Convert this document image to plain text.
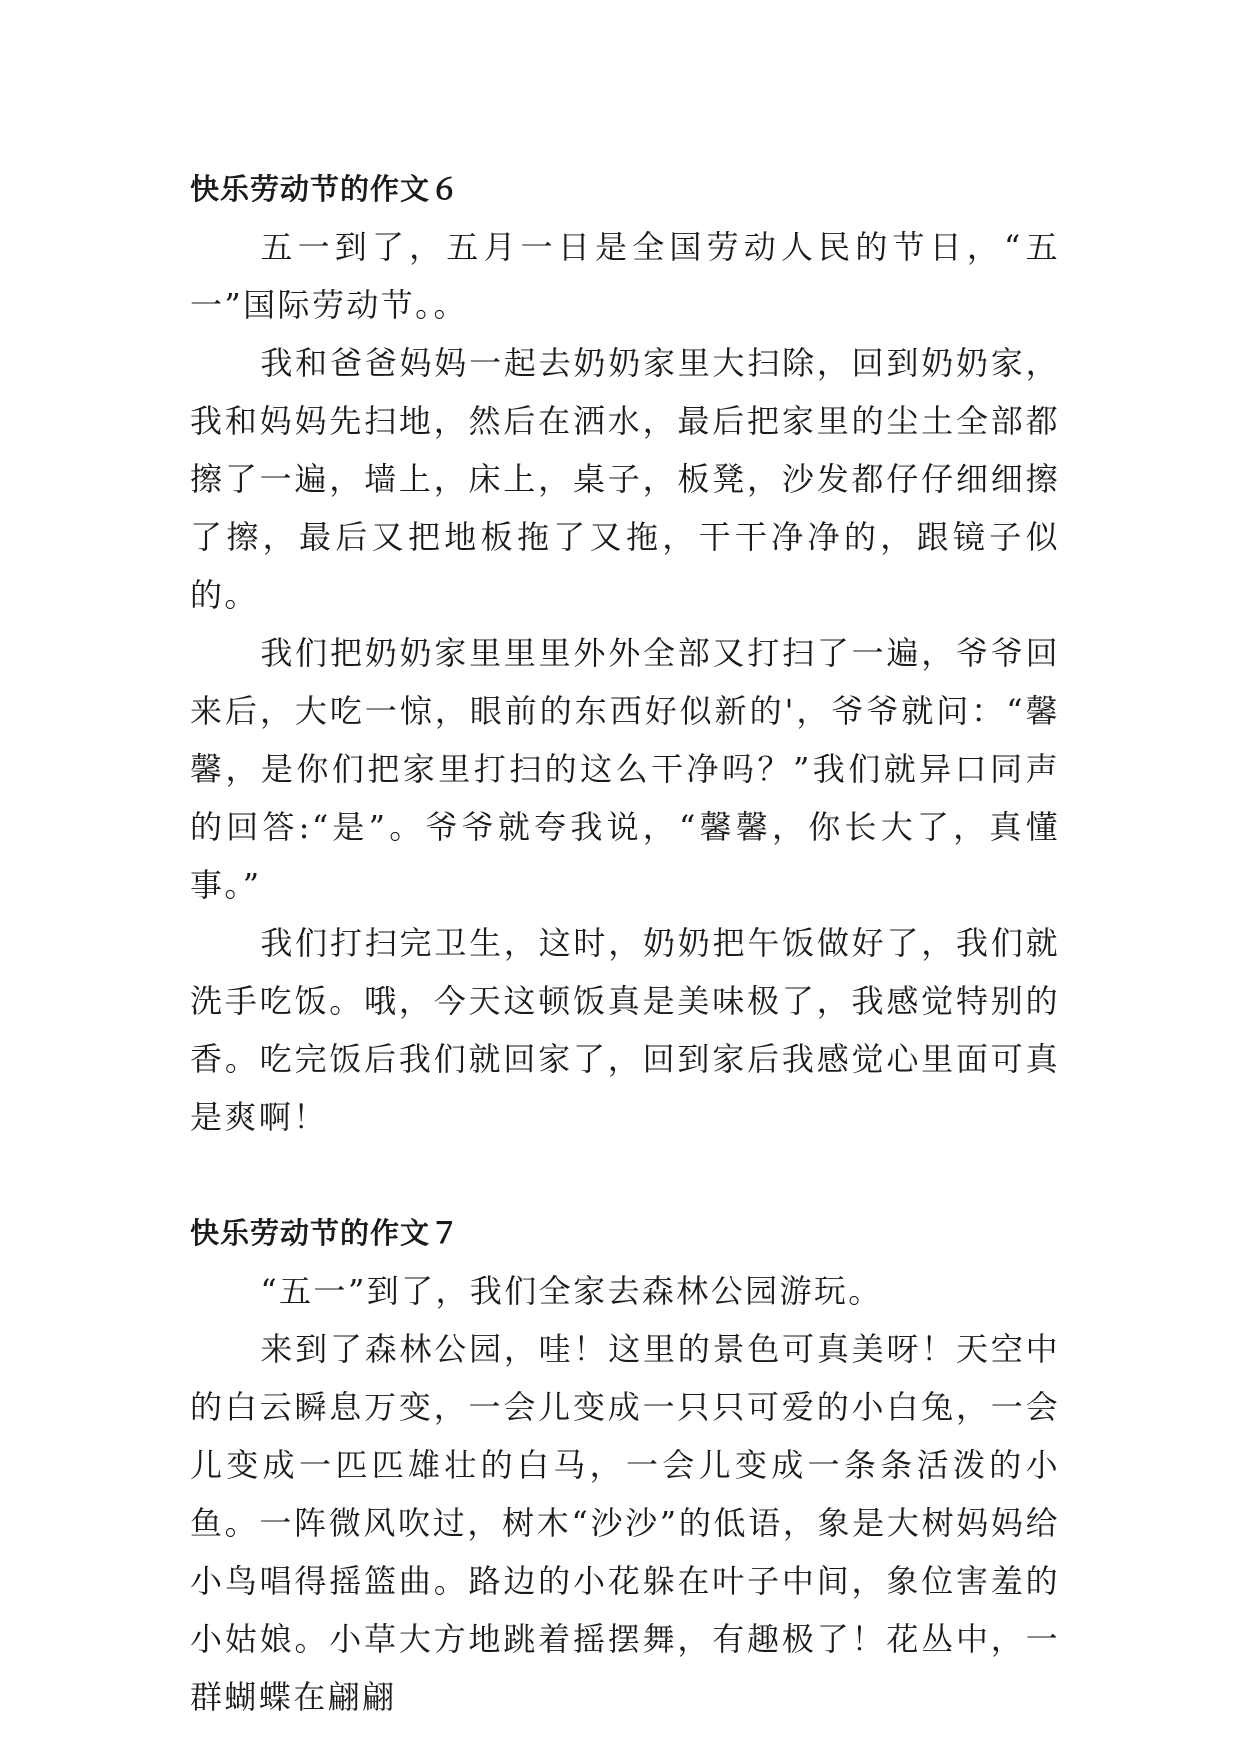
快乐劳动节的作文６

五一到了，五月一日是全国劳动人民的节日，“五一”国际劳动节。。

我和爸爸妈妈一起去奶奶家里大扫除，回到奶奶家，我和妈妈先扫地，然后在洒水，最后把家里的尘土全部都擦了一遍，墙上，床上，桌子，板凳，沙发都仔仔细细擦了擦，最后又把地板拖了又拖，干干净净的，跟镜子似的。

我们把奶奶家里里里外外全部又打扫了一遍，爷爷回来后，大吃一惊，眼前的东西好似新的'，爷爷就问：“馨馨，是你们把家里打扫的这么干净吗？”我们就异口同声的回答:“是”。爷爷就夸我说，“馨馨，你长大了，真懂事。”

我们打扫完卫生，这时，奶奶把午饭做好了，我们就洗手吃饭。哦，今天这顿饭真是美味极了，我感觉特别的香。吃完饭后我们就回家了，回到家后我感觉心里面可真是爽啊！

快乐劳动节的作文７

“五一”到了，我们全家去森林公园游玩。

来到了森林公园，哇！这里的景色可真美呀！天空中的白云瞬息万变，一会儿变成一只只可爱的小白兔，一会儿变成一匹匹雄壮的白马，一会儿变成一条条活泼的小鱼。一阵微风吹过，树木“沙沙”的低语，象是大树妈妈给小鸟唱得摇篮曲。路边的小花躲在叶子中间，象位害羞的小姑娘。小草大方地跳着摇摆舞，有趣极了！花丛中，一群蝴蝶在翩翩
